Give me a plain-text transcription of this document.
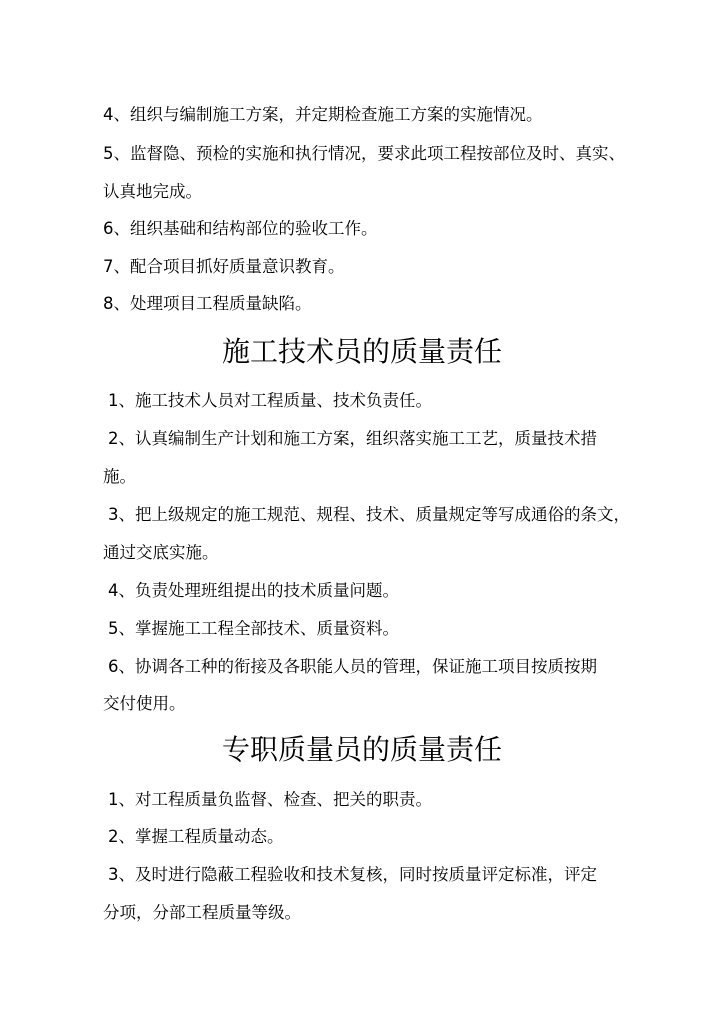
4、组织与编制施工方案，并定期检查施工方案的实施情况。
5、监督隐、预检的实施和执行情况，要求此项工程按部位及时、真实、
认真地完成。
6、组织基础和结构部位的验收工作。
7、配合项目抓好质量意识教育。
8、处理项目工程质量缺陷。
施工技术员的质量责任
1、施工技术人员对工程质量、技术负责任。
2、认真编制生产计划和施工方案，组织落实施工工艺，质量技术措
施。
3、把上级规定的施工规范、规程、技术、质量规定等写成通俗的条文，
通过交底实施。
4、负责处理班组提出的技术质量问题。
5、掌握施工工程全部技术、质量资料。
6、协调各工种的衔接及各职能人员的管理，保证施工项目按质按期
交付使用。
专职质量员的质量责任
1、对工程质量负监督、检查、把关的职责。
2、掌握工程质量动态。
3、及时进行隐蔽工程验收和技术复核，同时按质量评定标准，评定
分项，分部工程质量等级。
